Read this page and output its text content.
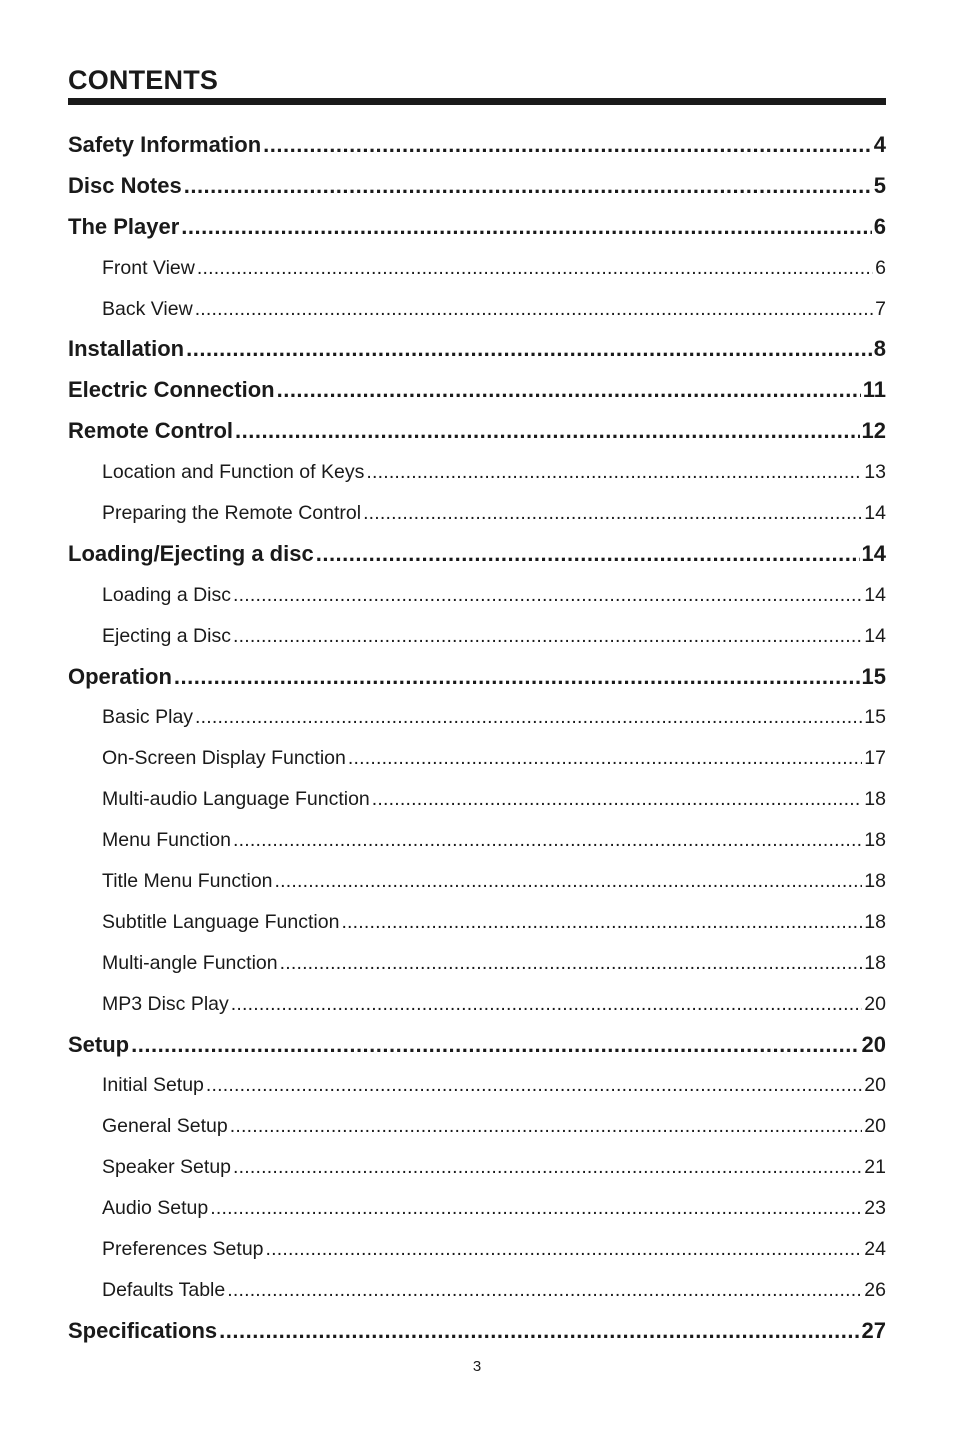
CONTENTS
Safety Information .....	4
Disc Notes .....	5
The Player .....	6
Front View .....	6
Back View .....	7
Installation .....	8
Electric Connection .....	11
Remote Control .....	12
Location and Function of Keys .....	13
Preparing the Remote Control .....	14
Loading/Ejecting a disc .....	14
Loading a Disc .....	14
Ejecting a Disc .....	14
Operation .....	15
Basic Play .....	15
On-Screen Display Function .....	17
Multi-audio Language Function .....	18
Menu Function .....	18
Title Menu Function .....	18
Subtitle Language Function .....	18
Multi-angle Function .....	18
MP3 Disc Play .....	20
Setup .....	20
Initial Setup .....	20
General Setup .....	20
Speaker Setup .....	21
Audio Setup .....	23
Preferences Setup .....	24
Defaults Table .....	26
Specifications .....	27
3
